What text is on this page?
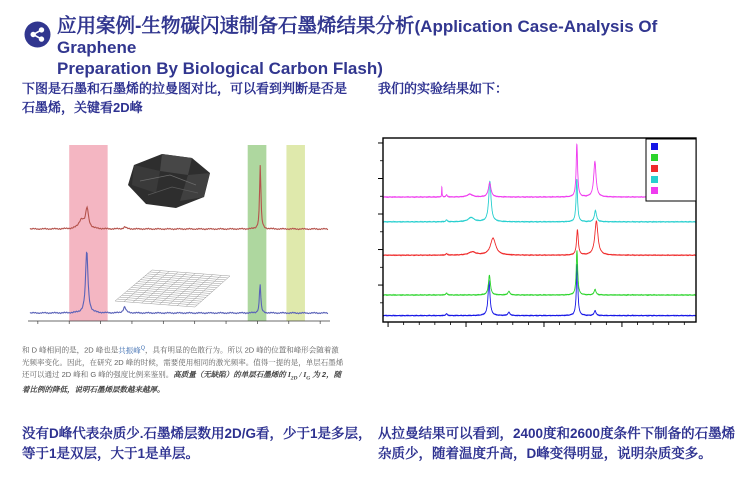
应用案例-生物碳闪速制备石墨烯结果分析(Application Case-Analysis Of Graphene
Preparation By Biological Carbon Flash)

下图是石墨和石墨烯的拉曼图对比，可以看到判断是否是石墨烯，关键看2D峰

我们的实验结果如下：

和 D 峰相同的是，2D 峰也是共振峰$^Q$，具有明显的色散行为。所以 2D 峰的位置和峰形会随着激光频率变化。因此，在研究 2D 峰的时候，需要使用相同的激光频率。值得一提的是，单层石墨烯还可以通过 2D 峰和 G 峰的强度比例来鉴别。高质量（无缺陷）的单层石墨烯的 $I_{2D} / I_G$ 为 2，随着比例的降低，说明石墨烯层数越来越厚。

没有D峰代表杂质少.石墨烯层数用2D/G看，少于1是多层，等于1是双层，大于1是单层。

从拉曼结果可以看到，2400度和2600度条件下制备的石墨烯杂质少，随着温度升高，D峰变得明显，说明杂质变多。
